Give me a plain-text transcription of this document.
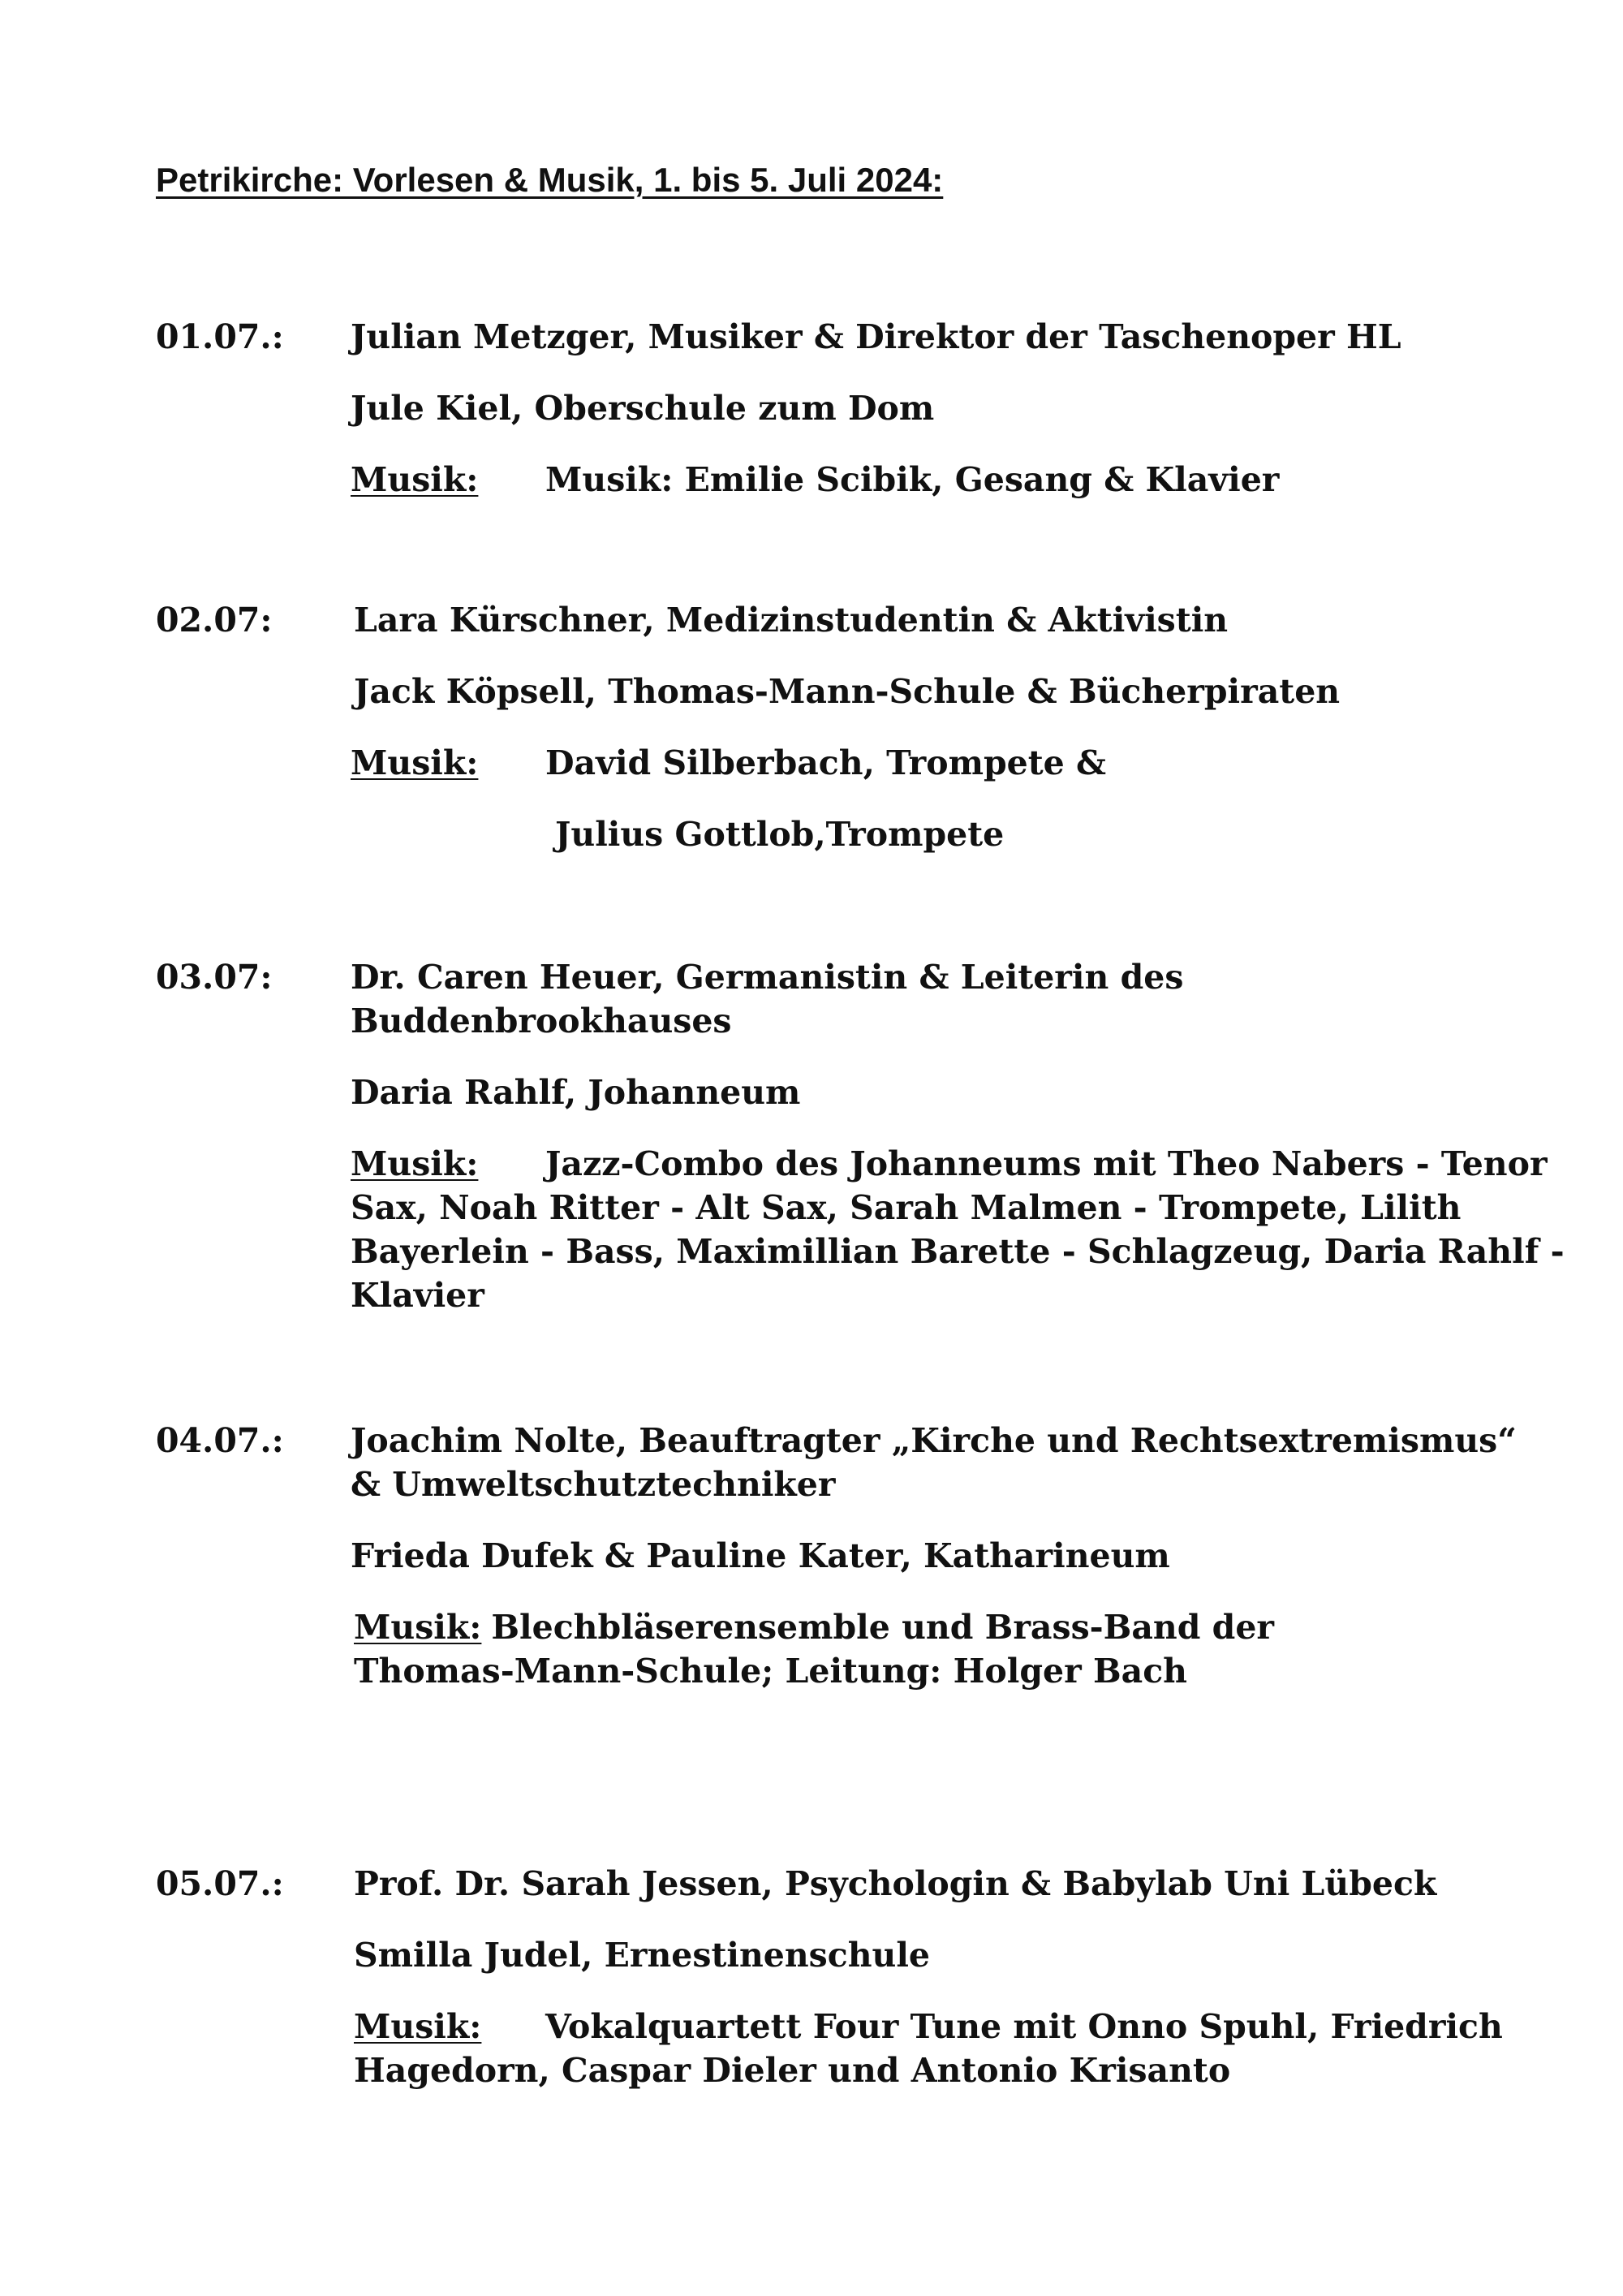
Petrikirche: Vorlesen & Musik, 1. bis 5. Juli 2024:
01.07.: Julian Metzger, Musiker & Direktor der Taschenoper HL
Jule Kiel, Oberschule zum Dom
Musik: Musik: Emilie Scibik, Gesang & Klavier
02.07: Lara Kürschner, Medizinstudentin & Aktivistin
Jack Köpsell, Thomas-Mann-Schule & Bücherpiraten
Musik: David Silberbach, Trompete &
Julius Gottlob,Trompete
03.07: Dr. Caren Heuer, Germanistin & Leiterin des Buddenbrookhauses
Daria Rahlf, Johanneum
Musik: Jazz-Combo des Johanneums mit Theo Nabers - Tenor Sax, Noah Ritter - Alt Sax, Sarah Malmen - Trompete, Lilith Bayerlein - Bass, Maximillian Barette - Schlagzeug, Daria Rahlf - Klavier
04.07.: Joachim Nolte, Beauftragter „Kirche und Rechtsextremismus“ & Umweltschutztechniker
Frieda Dufek & Pauline Kater, Katharineum
Musik: Blechbläserensemble und Brass-Band der Thomas-Mann-Schule; Leitung: Holger Bach
05.07.: Prof. Dr. Sarah Jessen, Psychologin & Babylab Uni Lübeck
Smilla Judel, Ernestinenschule
Musik: Vokalquartett Four Tune mit Onno Spuhl, Friedrich Hagedorn, Caspar Dieler und Antonio Krisanto
